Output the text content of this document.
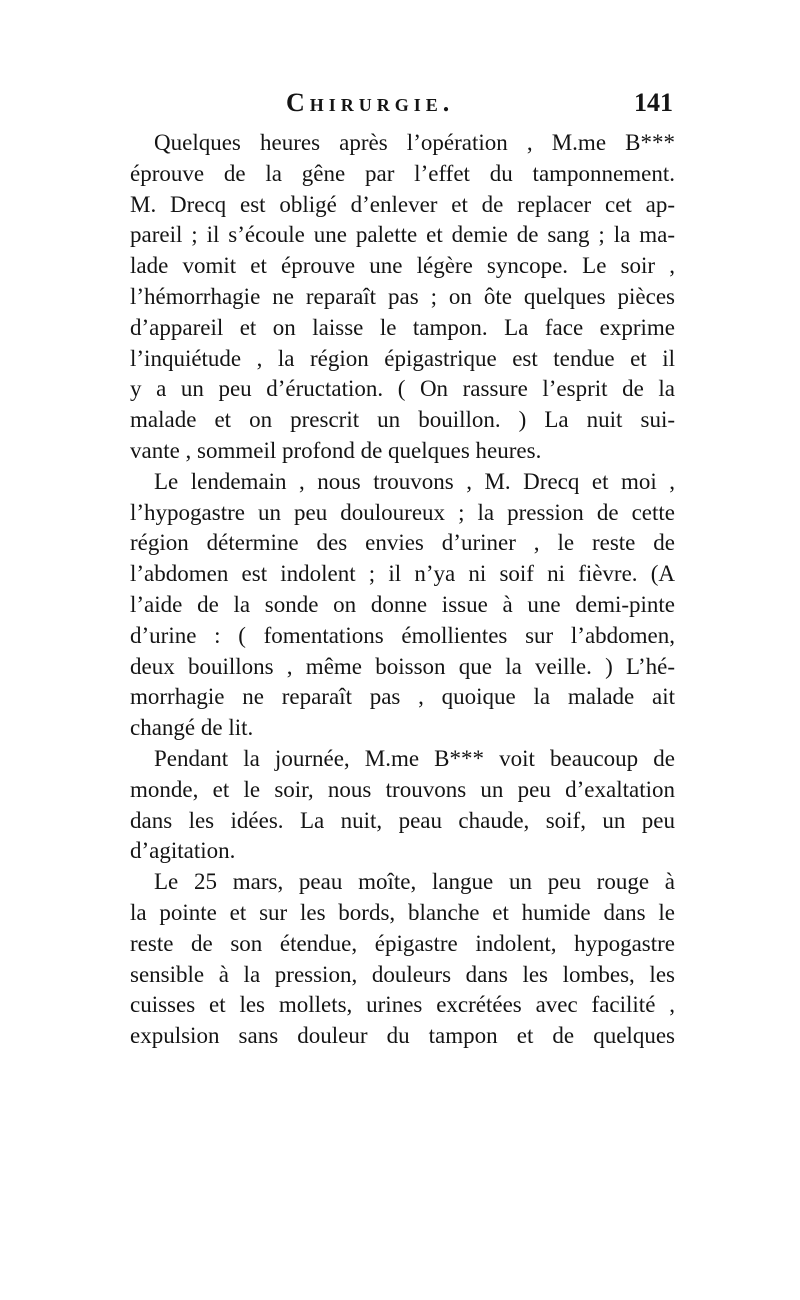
Chirurgie.	141
Quelques heures après l’opération , M.me B***
éprouve de la gêne par l’effet du tamponnement.
M. Drecq est obligé d’enlever et de replacer cet ap-
pareil ; il s’écoule une palette et demie de sang ; la ma-
lade vomit et éprouve une légère syncope. Le soir ,
l’hémorrhagie ne reparaît pas ; on ôte quelques pièces
d’appareil et on laisse le tampon. La face exprime
l’inquiétude , la région épigastrique est tendue et il
y a un peu d’éructation. ( On rassure l’esprit de la
malade et on prescrit un bouillon. ) La nuit sui-
vante , sommeil profond de quelques heures.
Le lendemain , nous trouvons , M. Drecq et moi ,
l’hypogastre un peu douloureux ; la pression de cette
région détermine des envies d’uriner , le reste de
l’abdomen est indolent ; il n’ya ni soif ni fièvre. (A
l’aide de la sonde on donne issue à une demi-pinte
d’urine : ( fomentations émollientes sur l’abdomen,
deux bouillons , même boisson que la veille. ) L’hé-
morrhagie ne reparaît pas , quoique la malade ait
changé de lit.
Pendant la journée, M.me B*** voit beaucoup de
monde, et le soir, nous trouvons un peu d’exaltation
dans les idées. La nuit, peau chaude, soif, un peu
d’agitation.
Le 25 mars, peau moîte, langue un peu rouge à
la pointe et sur les bords, blanche et humide dans le
reste de son étendue, épigastre indolent, hypogastre
sensible à la pression, douleurs dans les lombes, les
cuisses et les mollets, urines excrétées avec facilité ,
expulsion sans douleur du tampon et de quelques
